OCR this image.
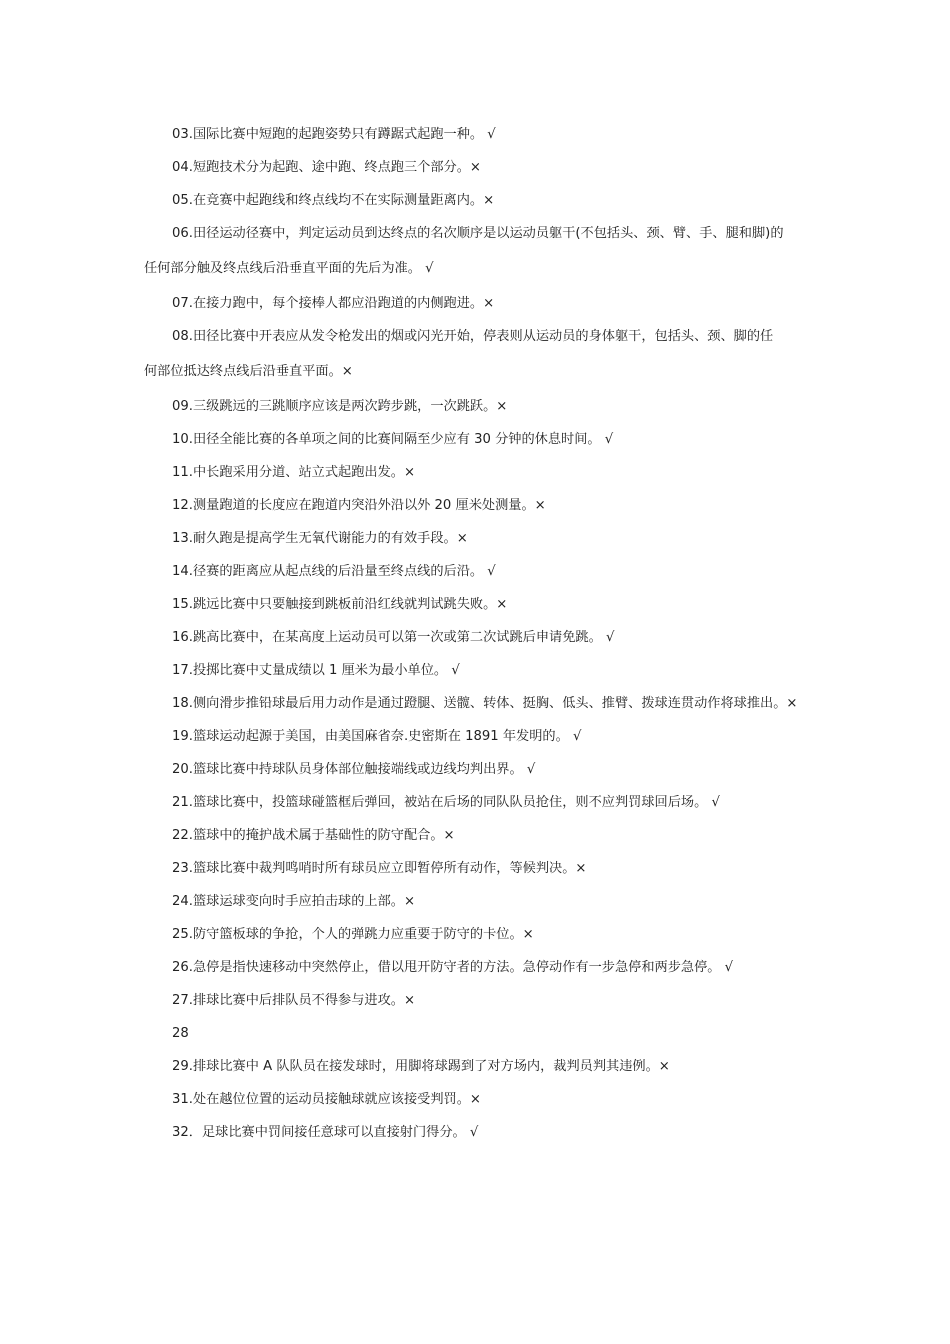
03.国际比赛中短跑的起跑姿势只有蹲踞式起跑一种。 √

04.短跑技术分为起跑、途中跑、终点跑三个部分。×

05.在竞赛中起跑线和终点线均不在实际测量距离内。×

06.田径运动径赛中，判定运动员到达终点的名次顺序是以运动员躯干(不包括头、颈、臂、手、腿和脚)的
任何部分触及终点线后沿垂直平面的先后为准。 √

07.在接力跑中，每个接棒人都应沿跑道的内侧跑进。×

08.田径比赛中开表应从发令枪发出的烟或闪光开始，停表则从运动员的身体躯干，包括头、颈、脚的任
何部位抵达终点线后沿垂直平面。×

09.三级跳远的三跳顺序应该是两次跨步跳，一次跳跃。×

10.田径全能比赛的各单项之间的比赛间隔至少应有 30 分钟的休息时间。 √

11.中长跑采用分道、站立式起跑出发。×

12.测量跑道的长度应在跑道内突沿外沿以外 20 厘米处测量。×

13.耐久跑是提高学生无氧代谢能力的有效手段。×

14.径赛的距离应从起点线的后沿量至终点线的后沿。 √

15.跳远比赛中只要触接到跳板前沿红线就判试跳失败。×

16.跳高比赛中，在某高度上运动员可以第一次或第二次试跳后申请免跳。 √

17.投掷比赛中丈量成绩以 1 厘米为最小单位。 √

18.侧向滑步推铅球最后用力动作是通过蹬腿、送髋、转体、挺胸、低头、推臂、拨球连贯动作将球推出。×

19.篮球运动起源于美国，由美国麻省奈.史密斯在 1891 年发明的。 √

20.篮球比赛中持球队员身体部位触接端线或边线均判出界。 √

21.篮球比赛中，投篮球碰篮框后弹回，被站在后场的同队队员抢住，则不应判罚球回后场。 √

22.篮球中的掩护战术属于基础性的防守配合。×

23.篮球比赛中裁判鸣哨时所有球员应立即暂停所有动作，等候判决。×

24.篮球运球变向时手应拍击球的上部。×

25.防守篮板球的争抢，个人的弹跳力应重要于防守的卡位。×

26.急停是指快速移动中突然停止，借以甩开防守者的方法。急停动作有一步急停和两步急停。 √

27.排球比赛中后排队员不得参与进攻。×

28

29.排球比赛中 A 队队员在接发球时，用脚将球踢到了对方场内，裁判员判其违例。×

31.处在越位位置的运动员接触球就应该接受判罚。×

32．足球比赛中罚间接任意球可以直接射门得分。 √
